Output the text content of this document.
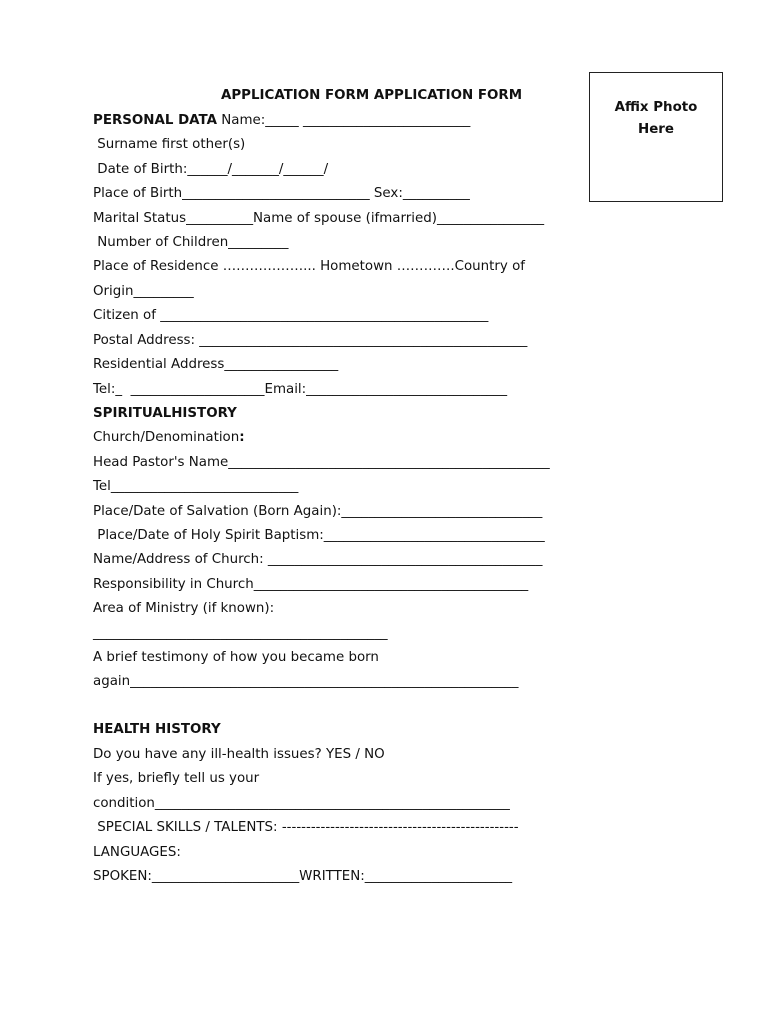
APPLICATION FORM APPLICATION FORM
Affix Photo
Here
PERSONAL DATA Name:_____ _________________________
Surname first other(s)
Date of Birth:______/_______/______/
Place of Birth____________________________ Sex:__________
Marital Status__________Name of spouse (ifmarried)________________
Number of Children_________
Place of Residence ………………... Hometown ………….Country of
Origin_________
Citizen of _________________________________________________
Postal Address: _________________________________________________
Residential Address_________________
Tel:_  ____________________Email:______________________________
SPIRITUALHISTORY
Church/Denomination:
Head Pastor's Name________________________________________________
Tel____________________________
Place/Date of Salvation (Born Again):______________________________
Place/Date of Holy Spirit Baptism:_________________________________
Name/Address of Church: _________________________________________
Responsibility in Church_________________________________________
Area of Ministry (if known):
____________________________________________
A brief testimony of how you became born
again__________________________________________________________
HEALTH HISTORY
Do you have any ill-health issues? YES / NO
If yes, briefly tell us your
condition_____________________________________________________
SPECIAL SKILLS / TALENTS: -------------------------------------------------
LANGUAGES:
SPOKEN:______________________WRITTEN:______________________
